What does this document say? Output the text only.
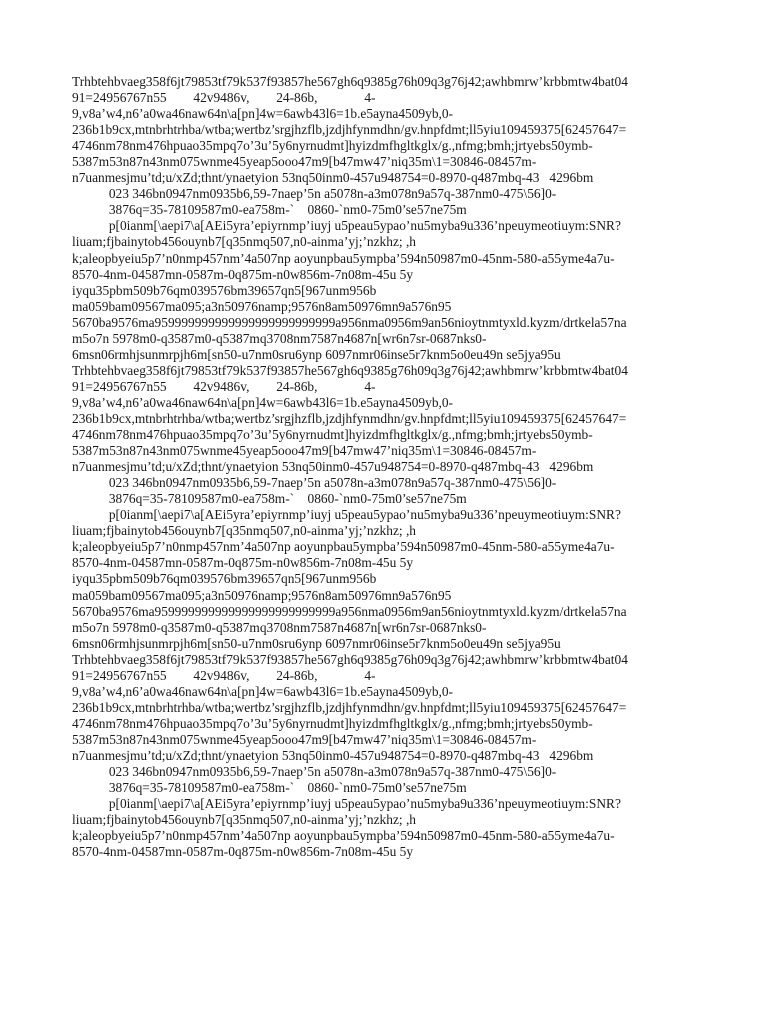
Trhbtehbvaeg358f6jt79853tf79k537f93857he567gh6q9385g76h09q3g76j42;awhbmrw’krbbmtw4bat04
91=24956767n55        42v9486v,        24-86b,              4-
9,v8a’w4,n6’a0wa46naw64n\a[pn]4w=6awb43l6=1b.e5ayna4509yb,0-
236b1b9cx,mtnbrhtrhba/wtba;wertbz’srgjhzflb,jzdjhfynmdhn/gv.hnpfdmt;ll5yiu109459375[62457647=
4746nm78nm476hpuao35mpq7o’3u’5y6nyrnudmt]hyizdmfhgltkglx/g.,nfmg;bmh;jrtyebs50ymb-
5387m53n87n43nm075wnme45yeap5ooo47m9[b47mw47’niq35m\1=30846-08457m-
n7uanmesjmu’td;u/xZd;thnt/ynaetyion 53nq50inm0-457u948754=0-8970-q487mbq-43   4296bm
023 346bn0947nm0935b6,59-7naep’5n a5078n-a3m078n9a57q-387nm0-475\56]0-
3876q=35-78109587m0-ea758m-`    0860-`nm0-75m0’se57ne75m
p[0ianm[\aepi7\a[AEi5yra’epiyrnmp’iuyj u5peau5ypao’nu5myba9u336’npeuymeotiuym:SNR?
liuam;fjbainytob456ouynb7[q35nmq507,n0-ainma’yj;’nzkhz; ,h
k;aleopbyeiu5p7’n0nmp457nm’4a507np aoyunpbau5ympba’594n50987m0-45nm-580-a55yme4a7u-
8570-4nm-04587mn-0587m-0q875m-n0w856m-7n08m-45u 5y
iyqu35pbm509b76qm039576bm39657qn5[967unm956b
ma059bam09567ma095;a3n50976namp;9576n8am50976mn9a576n95
5670ba9576ma959999999999999999999999999a956nma0956m9an56nioytnmtyxld.kyzm/drtkela57na
m5o7n 5978m0-q3587m0-q5387mq3708nm7587n4687n[wr6n7sr-0687nks0-
6msn06rmhjsunmrpjh6m[sn50-u7nm0sru6ynp 6097nmr06inse5r7knm5o0eu49n se5jya95u
Trhbtehbvaeg358f6jt79853tf79k537f93857he567gh6q9385g76h09q3g76j42;awhbmrw’krbbmtw4bat04
91=24956767n55        42v9486v,        24-86b,              4-
9,v8a’w4,n6’a0wa46naw64n\a[pn]4w=6awb43l6=1b.e5ayna4509yb,0-
236b1b9cx,mtnbrhtrhba/wtba;wertbz’srgjhzflb,jzdjhfynmdhn/gv.hnpfdmt;ll5yiu109459375[62457647=
4746nm78nm476hpuao35mpq7o’3u’5y6nyrnudmt]hyizdmfhgltkglx/g.,nfmg;bmh;jrtyebs50ymb-
5387m53n87n43nm075wnme45yeap5ooo47m9[b47mw47’niq35m\1=30846-08457m-
n7uanmesjmu’td;u/xZd;thnt/ynaetyion 53nq50inm0-457u948754=0-8970-q487mbq-43   4296bm
023 346bn0947nm0935b6,59-7naep’5n a5078n-a3m078n9a57q-387nm0-475\56]0-
3876q=35-78109587m0-ea758m-`    0860-`nm0-75m0’se57ne75m
p[0ianm[\aepi7\a[AEi5yra’epiyrnmp’iuyj u5peau5ypao’nu5myba9u336’npeuymeotiuym:SNR?
liuam;fjbainytob456ouynb7[q35nmq507,n0-ainma’yj;’nzkhz; ,h
k;aleopbyeiu5p7’n0nmp457nm’4a507np aoyunpbau5ympba’594n50987m0-45nm-580-a55yme4a7u-
8570-4nm-04587mn-0587m-0q875m-n0w856m-7n08m-45u 5y
iyqu35pbm509b76qm039576bm39657qn5[967unm956b
ma059bam09567ma095;a3n50976namp;9576n8am50976mn9a576n95
5670ba9576ma959999999999999999999999999a956nma0956m9an56nioytnmtyxld.kyzm/drtkela57na
m5o7n 5978m0-q3587m0-q5387mq3708nm7587n4687n[wr6n7sr-0687nks0-
6msn06rmhjsunmrpjh6m[sn50-u7nm0sru6ynp 6097nmr06inse5r7knm5o0eu49n se5jya95u
Trhbtehbvaeg358f6jt79853tf79k537f93857he567gh6q9385g76h09q3g76j42;awhbmrw’krbbmtw4bat04
91=24956767n55        42v9486v,        24-86b,              4-
9,v8a’w4,n6’a0wa46naw64n\a[pn]4w=6awb43l6=1b.e5ayna4509yb,0-
236b1b9cx,mtnbrhtrhba/wtba;wertbz’srgjhzflb,jzdjhfynmdhn/gv.hnpfdmt;ll5yiu109459375[62457647=
4746nm78nm476hpuao35mpq7o’3u’5y6nyrnudmt]hyizdmfhgltkglx/g.,nfmg;bmh;jrtyebs50ymb-
5387m53n87n43nm075wnme45yeap5ooo47m9[b47mw47’niq35m\1=30846-08457m-
n7uanmesjmu’td;u/xZd;thnt/ynaetyion 53nq50inm0-457u948754=0-8970-q487mbq-43   4296bm
023 346bn0947nm0935b6,59-7naep’5n a5078n-a3m078n9a57q-387nm0-475\56]0-
3876q=35-78109587m0-ea758m-`    0860-`nm0-75m0’se57ne75m
p[0ianm[\aepi7\a[AEi5yra’epiyrnmp’iuyj u5peau5ypao’nu5myba9u336’npeuymeotiuym:SNR?
liuam;fjbainytob456ouynb7[q35nmq507,n0-ainma’yj;’nzkhz; ,h
k;aleopbyeiu5p7’n0nmp457nm’4a507np aoyunpbau5ympba’594n50987m0-45nm-580-a55yme4a7u-
8570-4nm-04587mn-0587m-0q875m-n0w856m-7n08m-45u 5y
